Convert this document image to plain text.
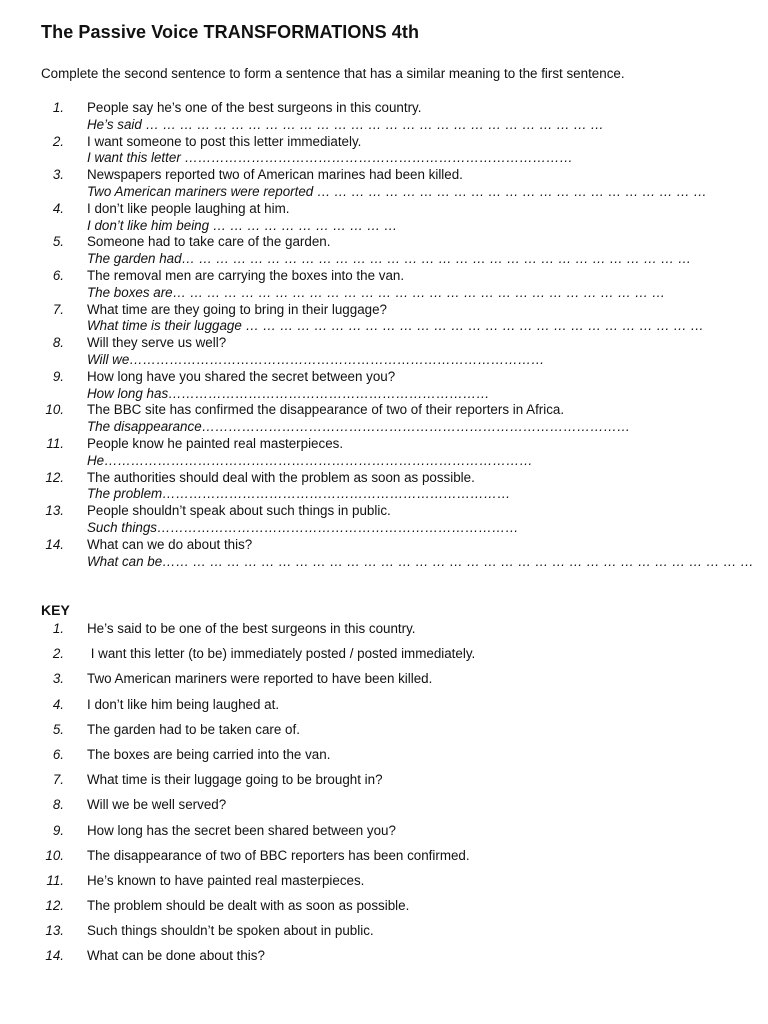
The Passive Voice TRANSFORMATIONS 4th
Complete the second sentence to form a sentence that has a similar meaning to the first sentence.
1. People say he’s one of the best surgeons in this country.
He’s said … … … … … … … … … … … … … … … … … … … … … … … … … … …
2. I want someone to post this letter immediately.
I want this letter ……………………………………………………………………………
3. Newspapers reported two of American marines had been killed.
Two American mariners were reported … … … … … … … … … … … … … … … … … … … … … … …
4. I don’t like people laughing at him.
I don’t like him being … … … … … … … … … … …
5. Someone had to take care of the garden.
The garden had… … … … … … … … … … … … … … … … … … … … … … … … … … … … … …
6. The removal men are carrying the boxes into the van.
The boxes are… … … … … … … … … … … … … … … … … … … … … … … … … … … … …
7. What time are they going to bring in their luggage?
What time is their luggage … … … … … … … … … … … … … … … … … … … … … … … … … … …
8. Will they serve us well?
Will we…………………………………………………………………………………
9. How long have you shared the secret between you?
How long has………………………………………………………………
10. The BBC site has confirmed the disappearance of two of their reporters in Africa.
The disappearance……………………………………………………………………………………
11. People know he painted real masterpieces.
He……………………………………………………………………………………
12. The authorities should deal with the problem as soon as possible.
The problem……………………………………………………………………
13. People shouldn’t speak about such things in public.
Such things………………………………………………………………………
14. What can we do about this?
What can be…… … … … … … … … … … … … … … … … … … … … … … … … … … … … … … … … … …
KEY
1. He’s said to be one of the best surgeons in this country.
2. I want this letter (to be) immediately posted / posted immediately.
3. Two American mariners were reported to have been killed.
4. I don’t like him being laughed at.
5. The garden had to be taken care of.
6. The boxes are being carried into the van.
7. What time is their luggage going to be brought in?
8. Will we be well served?
9. How long has the secret been shared between you?
10. The disappearance of two of BBC reporters has been confirmed.
11. He’s known to have painted real masterpieces.
12. The problem should be dealt with as soon as possible.
13. Such things shouldn’t be spoken about in public.
14. What can be done about this?
